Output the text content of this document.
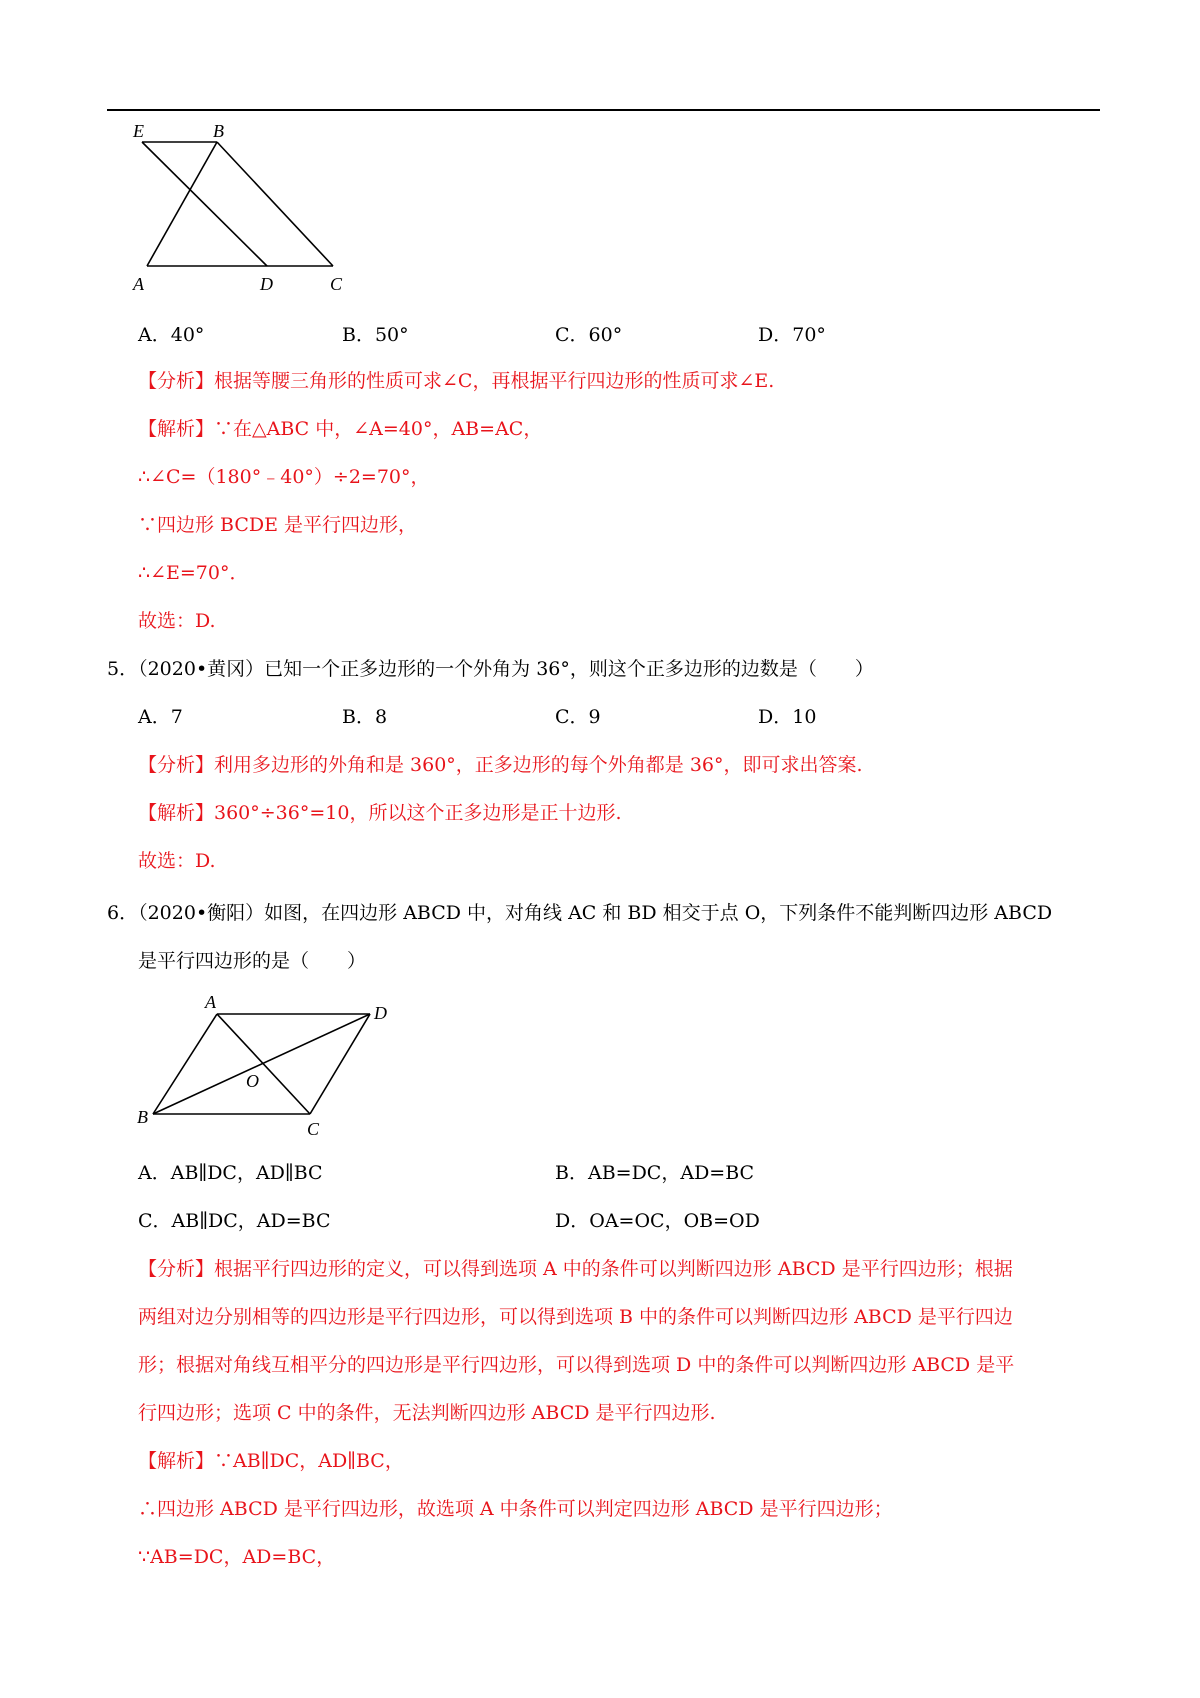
E	B
A	D	C
A．40°	B．50°	C．60°	D．70°
【分析】根据等腰三角形的性质可求∠C，再根据平行四边形的性质可求∠E.
【解析】∵在△ABC 中，∠A=40°，AB=AC，
∴∠C=（180°﹣40°）÷2=70°，
∵四边形 BCDE 是平行四边形，
∴∠E=70°．
故选：D.
5．（2020•黄冈）已知一个正多边形的一个外角为 36°，则这个正多边形的边数是（　　）
A．7	B．8	C．9	D．10
【分析】利用多边形的外角和是 360°，正多边形的每个外角都是 36°，即可求出答案.
【解析】360°÷36°=10，所以这个正多边形是正十边形.
故选：D.
6．（2020•衡阳）如图，在四边形 ABCD 中，对角线 AC 和 BD 相交于点 O，下列条件不能判断四边形 ABCD
是平行四边形的是（　　）
A
D
O
B
C
A．AB∥DC，AD∥BC	B．AB=DC，AD=BC
C．AB∥DC，AD=BC	D．OA=OC，OB=OD
【分析】根据平行四边形的定义，可以得到选项 A 中的条件可以判断四边形 ABCD 是平行四边形；根据
两组对边分别相等的四边形是平行四边形，可以得到选项 B 中的条件可以判断四边形 ABCD 是平行四边
形；根据对角线互相平分的四边形是平行四边形，可以得到选项 D 中的条件可以判断四边形 ABCD 是平
行四边形；选项 C 中的条件，无法判断四边形 ABCD 是平行四边形.
【解析】∵AB∥DC，AD∥BC，
∴四边形 ABCD 是平行四边形，故选项 A 中条件可以判定四边形 ABCD 是平行四边形；
∵AB=DC，AD=BC，
